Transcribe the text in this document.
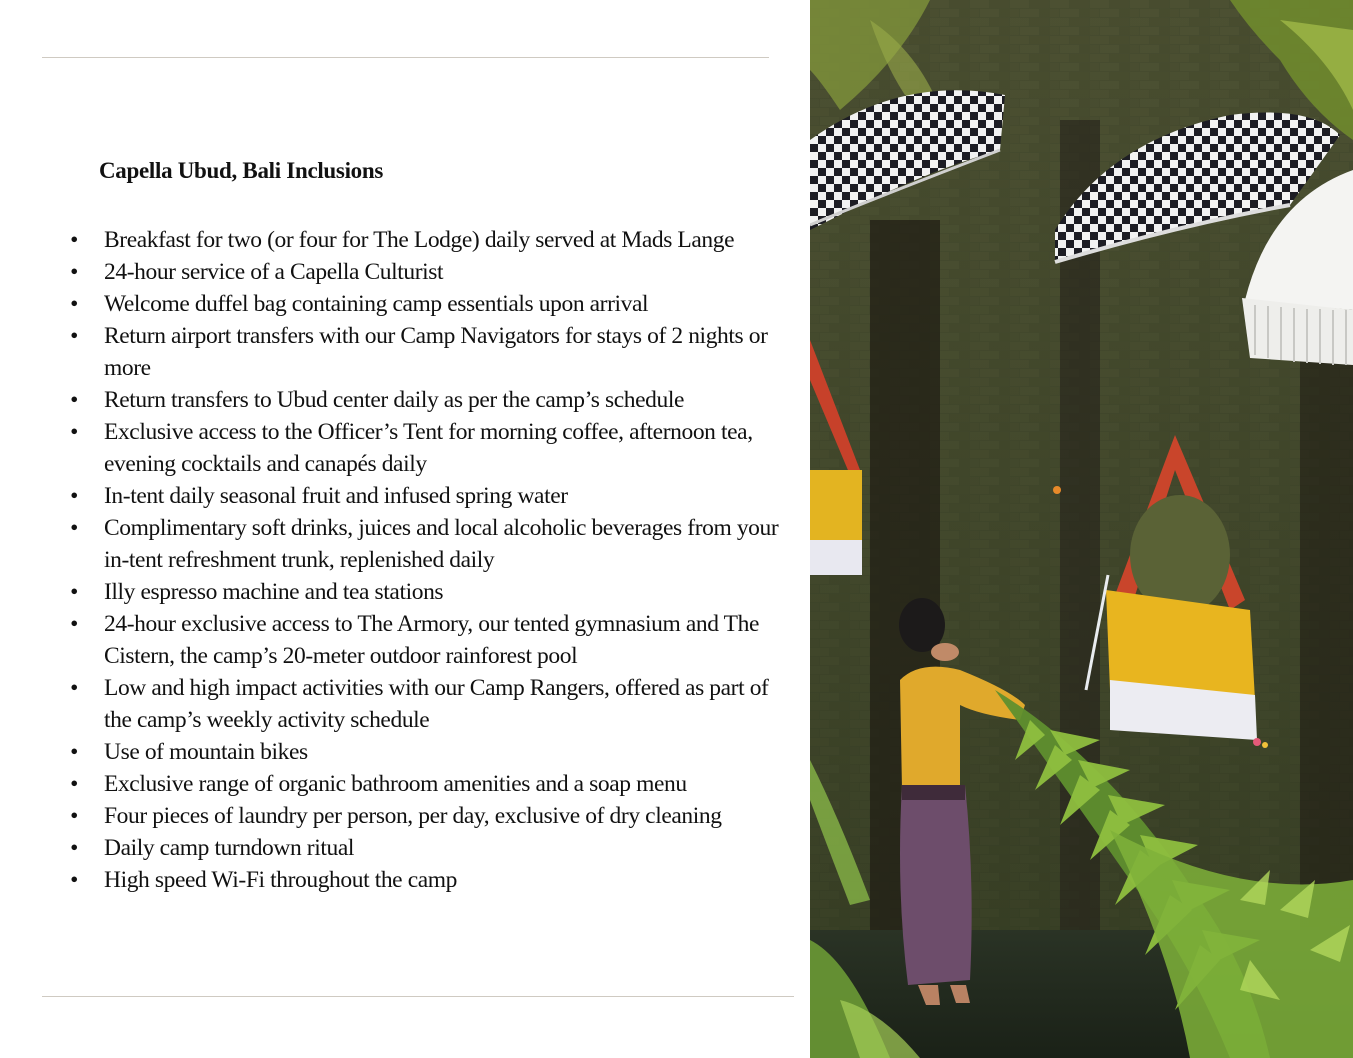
Capella Ubud, Bali Inclusions
• Breakfast for two (or four for The Lodge) daily served at Mads Lange
• 24-hour service of a Capella Culturist
• Welcome duffel bag containing camp essentials upon arrival
• Return airport transfers with our Camp Navigators for stays of 2 nights or more
• Return transfers to Ubud center daily as per the camp’s schedule
• Exclusive access to the Officer’s Tent for morning coffee, afternoon tea, evening cocktails and canapés daily
• In-tent daily seasonal fruit and infused spring water
• Complimentary soft drinks, juices and local alcoholic beverages from your in-tent refreshment trunk, replenished daily
• Illy espresso machine and tea stations
• 24-hour exclusive access to The Armory, our tented gymnasium and The Cistern, the camp’s 20-meter outdoor rainforest pool
• Low and high impact activities with our Camp Rangers, offered as part of the camp’s weekly activity schedule
• Use of mountain bikes
• Exclusive range of organic bathroom amenities and a soap menu
• Four pieces of laundry per person, per day, exclusive of dry cleaning
• Daily camp turndown ritual
• High speed Wi-Fi throughout the camp
